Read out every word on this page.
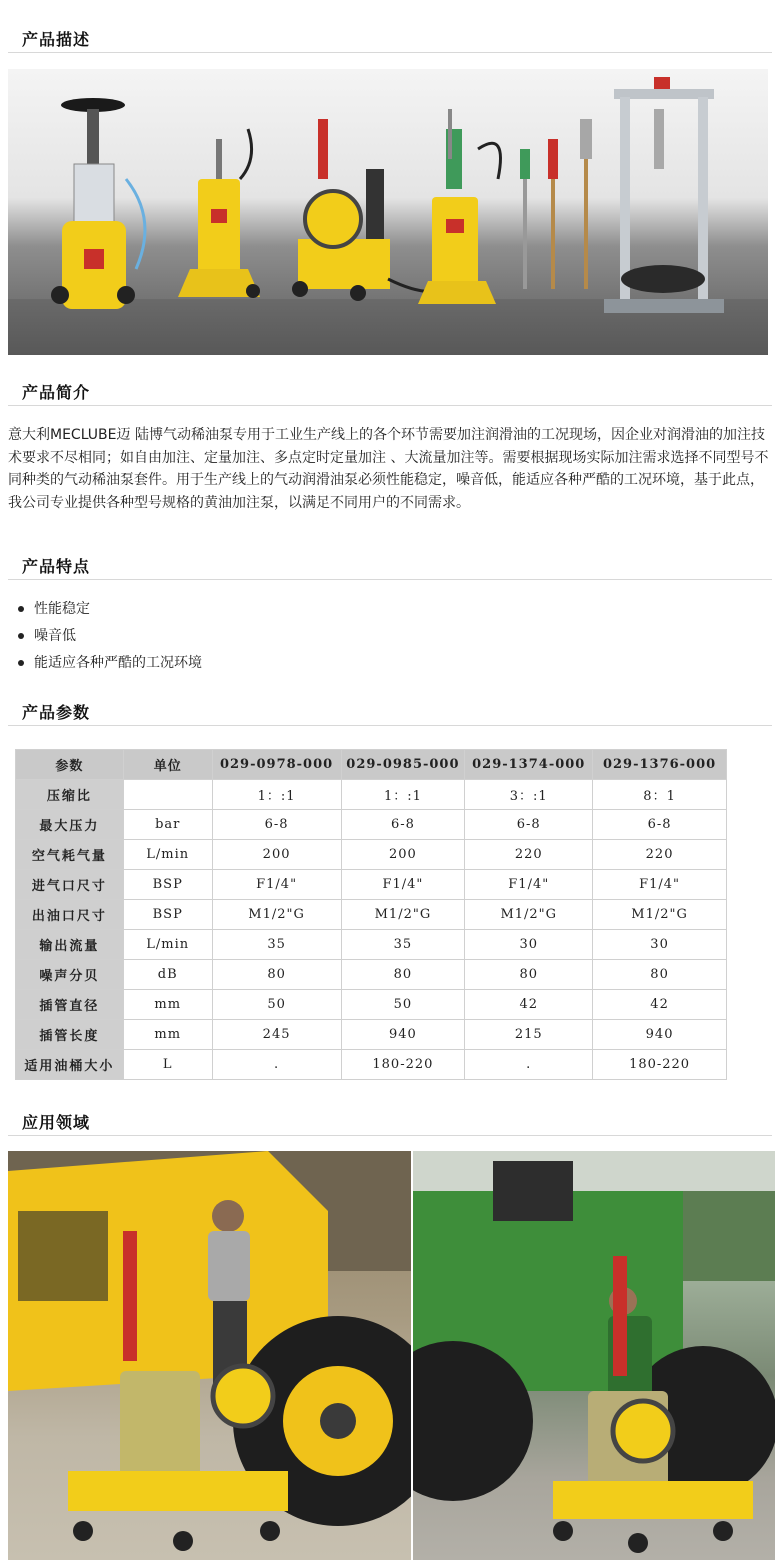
产品描述
产品简介

意大利MECLUBE迈 陆博气动稀油泵专用于工业生产线上的各个环节需要加注润滑油的工况现场，因企业对润滑油的加注技术要求不尽相同；如自由加注、定量加注、多点定时定量加注 、大流量加注等。需要根据现场实际加注需求选择不同型号不同种类的气动稀油泵套件。用于生产线上的气动润滑油泵必须性能稳定，噪音低，能适应各种严酷的工况环境，基于此点，我公司专业提供各种型号规格的黄油加注泵，以满足不同用户的不同需求。

产品特点
性能稳定
噪音低
能适应各种严酷的工况环境
产品参数
参数	单位	029-0978-000	029-0985-000	029-1374-000	029-1376-000
压缩比		1：:1	1：:1	3：:1	8：1
最大压力	bar	6-8	6-8	6-8	6-8
空气耗气量	L/min	200	200	220	220
进气口尺寸	BSP	F1/4"	F1/4"	F1/4"	F1/4"
出油口尺寸	BSP	M1/2"G	M1/2"G	M1/2"G	M1/2"G
输出流量	L/min	35	35	30	30
噪声分贝	dB	80	80	80	80
插管直径	mm	50	50	42	42
插管长度	mm	245	940	215	940
适用油桶大小	L	.	180-220	.	180-220
应用领域
